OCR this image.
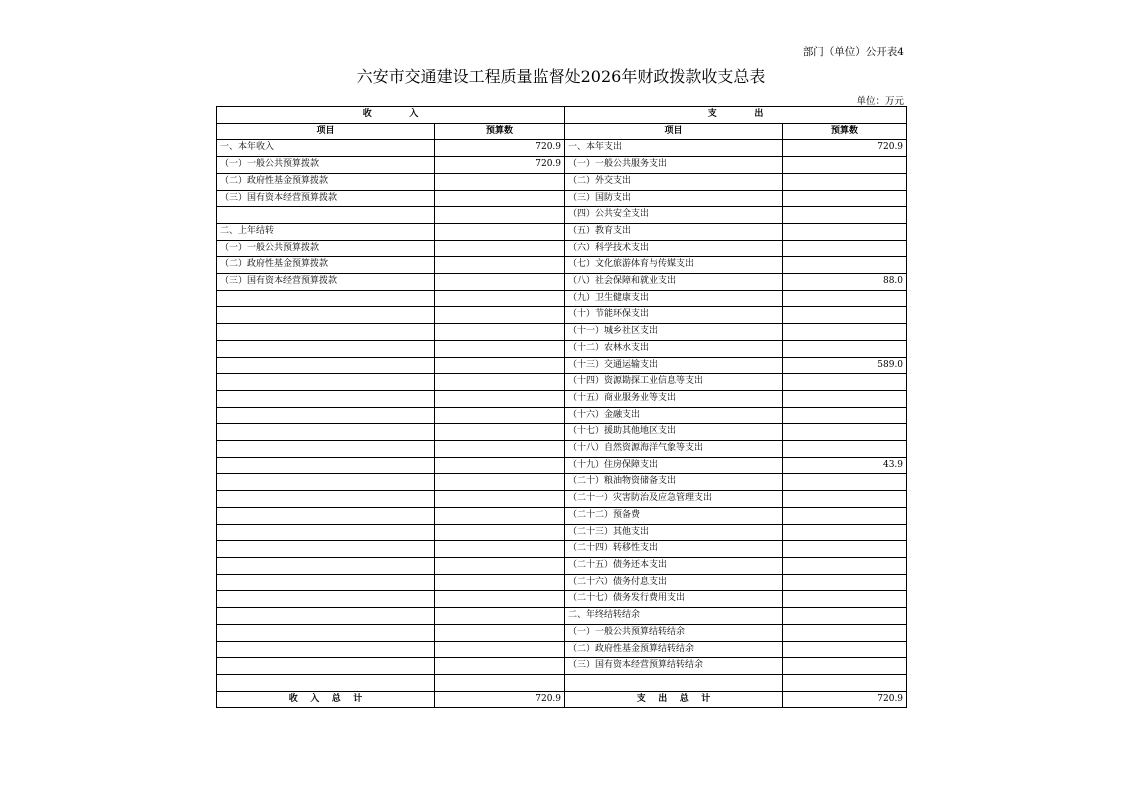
部门（单位）公开表4
六安市交通建设工程质量监督处2026年财政拨款收支总表
单位：万元
收            入		支            出	
项目	预算数	项目	预算数
一、本年收入	720.9	一、本年支出	720.9
（一）一般公共预算拨款	720.9	（一）一般公共服务支出	
（二）政府性基金预算拨款		（二）外交支出	
（三）国有资本经营预算拨款		（三）国防支出	
		（四）公共安全支出	
二、上年结转		（五）教育支出	
（一）一般公共预算拨款		（六）科学技术支出	
（二）政府性基金预算拨款		（七）文化旅游体育与传媒支出	
（三）国有资本经营预算拨款		（八）社会保障和就业支出	88.0
		（九）卫生健康支出	
		（十）节能环保支出	
		（十一）城乡社区支出	
		（十二）农林水支出	
		（十三）交通运输支出	589.0
		（十四）资源勘探工业信息等支出	
		（十五）商业服务业等支出	
		（十六）金融支出	
		（十七）援助其他地区支出	
		（十八）自然资源海洋气象等支出	
		（十九）住房保障支出	43.9
		（二十）粮油物资储备支出	
		（二十一）灾害防治及应急管理支出	
		（二十二）预备费	
		（二十三）其他支出	
		（二十四）转移性支出	
		（二十五）债务还本支出	
		（二十六）债务付息支出	
		（二十七）债务发行费用支出	
		二、年终结转结余	
		（一）一般公共预算结转结余	
		（二）政府性基金预算结转结余	
		（三）国有资本经营预算结转结余	

收    入    总    计	720.9	支    出    总    计	720.9
